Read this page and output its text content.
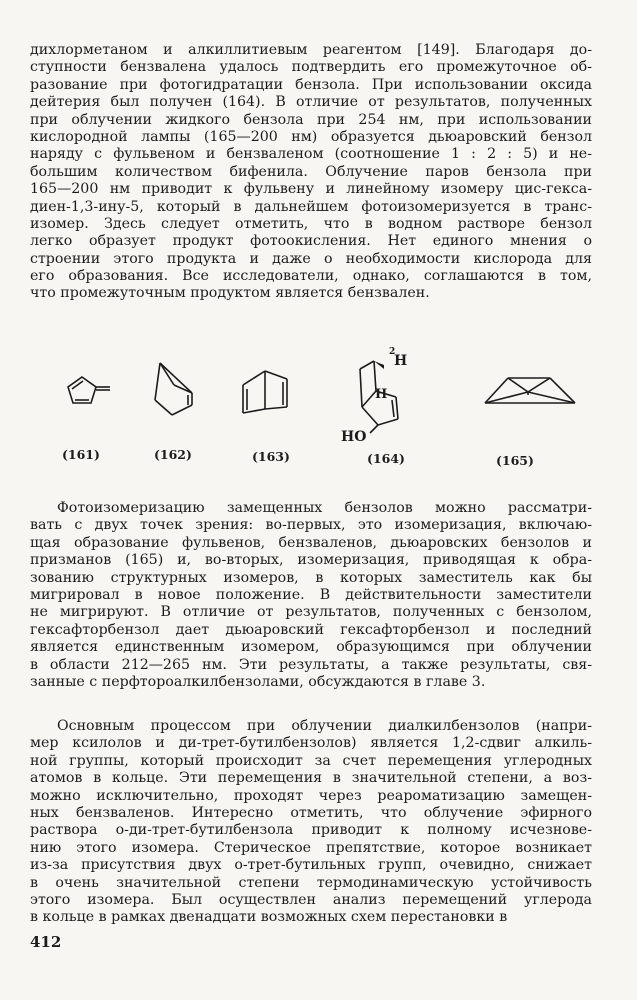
дихлорметаном и алкиллитиевым реагентом [149]. Благодаря до-
ступности бензвалена удалось подтвердить его промежуточное об-
разование при фотогидратации бензола. При использовании оксида
дейтерия был получен (164). В отличие от результатов, полученных
при облучении жидкого бензола при 254 нм, при использовании
кислородной лампы (165—200 нм) образуется дьюаровский бензол
наряду с фульвеном и бензваленом (соотношение 1 : 2 : 5) и не-
большим количеством бифенила. Облучение паров бензола при
165—200 нм приводит к фульвену и линейному изомеру цис-гекса-
диен-1,3-ину-5, который в дальнейшем фотоизомеризуется в транс-
изомер. Здесь следует отметить, что в водном растворе бензол
легко образует продукт фотоокисления. Нет единого мнения о
строении этого продукта и даже о необходимости кислорода для
его образования. Все исследователи, однако, соглашаются в том,
что промежуточным продуктом является бензвален.
2
H
H
HO
(161)	(162)	(163)	(164)	(165)
Фотоизомеризацию замещенных бензолов можно рассматри-
вать с двух точек зрения: во-первых, это изомеризация, включаю-
щая образование фульвенов, бензваленов, дьюаровских бензолов и
призманов (165) и, во-вторых, изомеризация, приводящая к обра-
зованию структурных изомеров, в которых заместитель как бы
мигрировал в новое положение. В действительности заместители
не мигрируют. В отличие от результатов, полученных с бензолом,
гексафторбензол дает дьюаровский гексафторбензол и последний
является единственным изомером, образующимся при облучении
в области 212—265 нм. Эти результаты, а также результаты, свя-
занные с перфтороалкилбензолами, обсуждаются в главе 3.
Основным процессом при облучении диалкилбензолов (напри-
мер ксилолов и ди-трет-бутилбензолов) является 1,2-сдвиг алкиль-
ной группы, который происходит за счет перемещения углеродных
атомов в кольце. Эти перемещения в значительной степени, а воз-
можно исключительно, проходят через реароматизацию замещен-
ных бензваленов. Интересно отметить, что облучение эфирного
раствора о-ди-трет-бутилбензола приводит к полному исчезнове-
нию этого изомера. Стерическое препятствие, которое возникает
из-за присутствия двух о-трет-бутильных групп, очевидно, снижает
в очень значительной степени термодинамическую устойчивость
этого изомера. Был осуществлен анализ перемещений углерода
в кольце в рамках двенадцати возможных схем перестановки в
412
